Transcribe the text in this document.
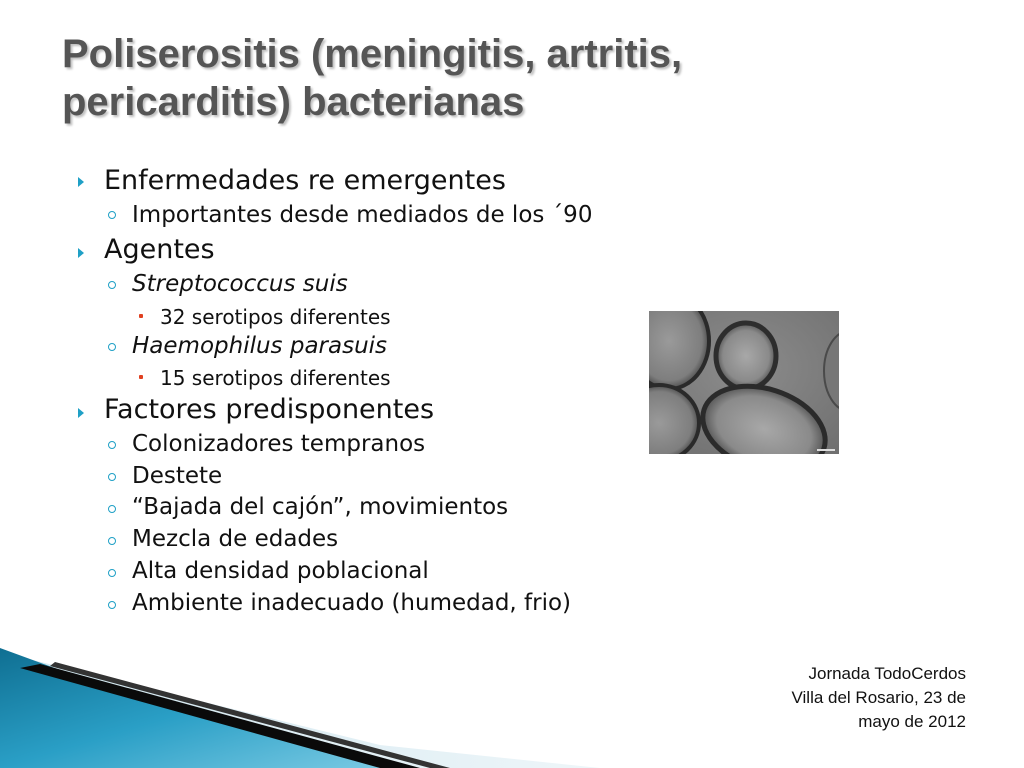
Poliserositis (meningitis, artritis,
pericarditis) bacterianas
Enfermedades re emergentes
Importantes desde mediados de los ´90
Agentes
Streptococcus suis
32 serotipos diferentes
Haemophilus parasuis
15 serotipos diferentes
Factores predisponentes
Colonizadores tempranos
Destete
“Bajada del cajón”, movimientos
Mezcla de edades
Alta densidad poblacional
Ambiente inadecuado (humedad, frio)
Jornada TodoCerdos
Villa del Rosario, 23 de
mayo de 2012
